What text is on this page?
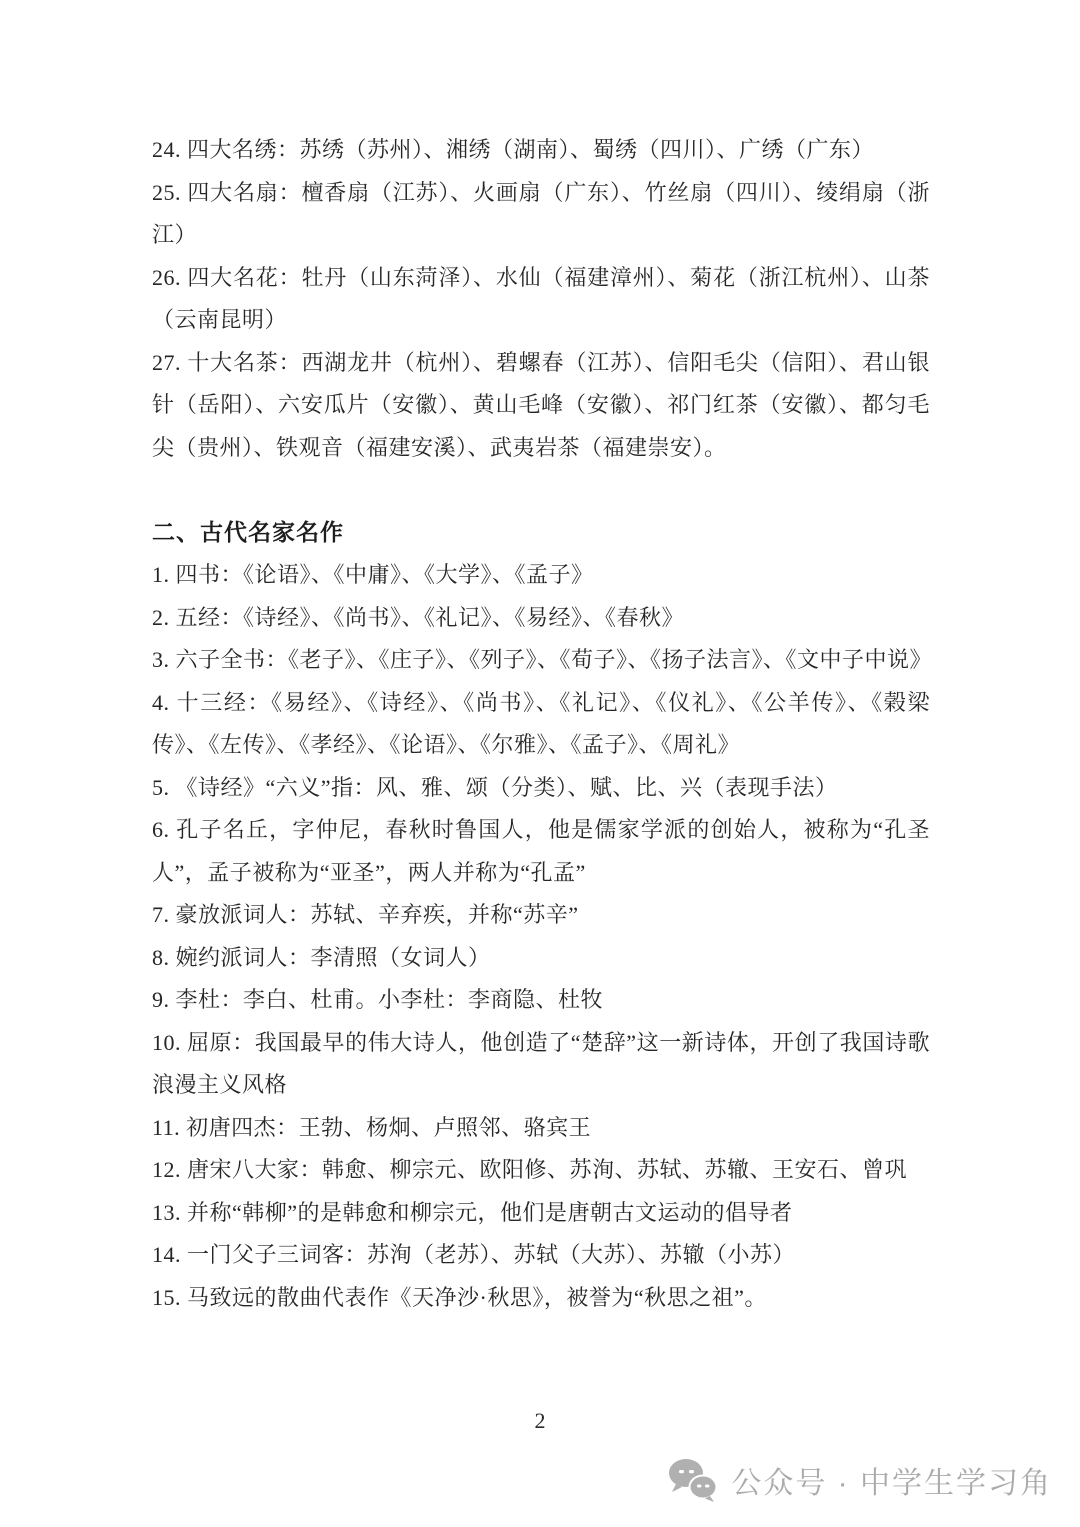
24. 四大名绣：苏绣（苏州）、湘绣（湖南）、蜀绣（四川）、广绣（广东）

25. 四大名扇：檀香扇（江苏）、火画扇（广东）、竹丝扇（四川）、绫绢扇（浙江）

26. 四大名花：牡丹（山东菏泽）、水仙（福建漳州）、菊花（浙江杭州）、山茶（云南昆明）

27. 十大名茶：西湖龙井（杭州）、碧螺春（江苏）、信阳毛尖（信阳）、君山银针（岳阳）、六安瓜片（安徽）、黄山毛峰（安徽）、祁门红茶（安徽）、都匀毛尖（贵州）、铁观音（福建安溪）、武夷岩茶（福建崇安）。

二、古代名家名作

1. 四书：《论语》、《中庸》、《大学》、《孟子》

2. 五经：《诗经》、《尚书》、《礼记》、《易经》、《春秋》

3. 六子全书：《老子》、《庄子》、《列子》、《荀子》、《扬子法言》、《文中子中说》

4. 十三经：《易经》、《诗经》、《尚书》、《礼记》、《仪礼》、《公羊传》、《榖梁传》、《左传》、《孝经》、《论语》、《尔雅》、《孟子》、《周礼》

5. 《诗经》“六义”指：风、雅、颂（分类）、赋、比、兴（表现手法）

6. 孔子名丘，字仲尼，春秋时鲁国人，他是儒家学派的创始人，被称为“孔圣人”，孟子被称为“亚圣”，两人并称为“孔孟”

7. 豪放派词人：苏轼、辛弃疾，并称“苏辛”

8. 婉约派词人：李清照（女词人）

9. 李杜：李白、杜甫。小李杜：李商隐、杜牧

10. 屈原：我国最早的伟大诗人，他创造了“楚辞”这一新诗体，开创了我国诗歌浪漫主义风格

11. 初唐四杰：王勃、杨炯、卢照邻、骆宾王

12. 唐宋八大家：韩愈、柳宗元、欧阳修、苏洵、苏轼、苏辙、王安石、曾巩

13. 并称“韩柳”的是韩愈和柳宗元，他们是唐朝古文运动的倡导者

14. 一门父子三词客：苏洵（老苏）、苏轼（大苏）、苏辙（小苏）

15. 马致远的散曲代表作《天净沙·秋思》，被誉为“秋思之祖”。

2
公众号 · 中学生学习角
